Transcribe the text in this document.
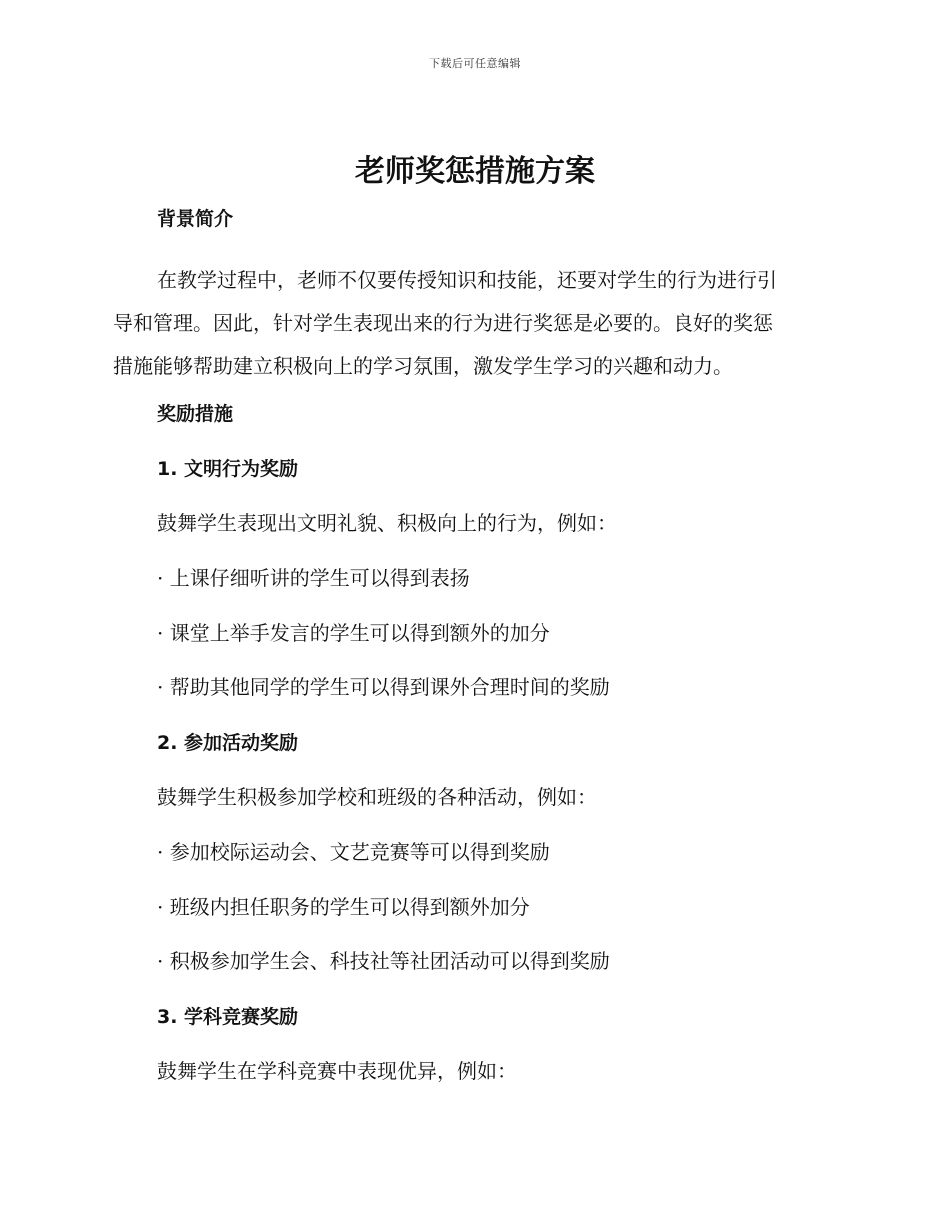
下载后可任意编辑
老师奖惩措施方案
背景简介

在教学过程中，老师不仅要传授知识和技能，还要对学生的行为进行引
导和管理。因此，针对学生表现出来的行为进行奖惩是必要的。良好的奖惩
措施能够帮助建立积极向上的学习氛围，激发学生学习的兴趣和动力。

奖励措施
1. 文明行为奖励
鼓舞学生表现出文明礼貌、积极向上的行为，例如：
· 上课仔细听讲的学生可以得到表扬
· 课堂上举手发言的学生可以得到额外的加分
· 帮助其他同学的学生可以得到课外合理时间的奖励
2. 参加活动奖励
鼓舞学生积极参加学校和班级的各种活动，例如：
· 参加校际运动会、文艺竞赛等可以得到奖励
· 班级内担任职务的学生可以得到额外加分
· 积极参加学生会、科技社等社团活动可以得到奖励
3. 学科竞赛奖励
鼓舞学生在学科竞赛中表现优异，例如：
